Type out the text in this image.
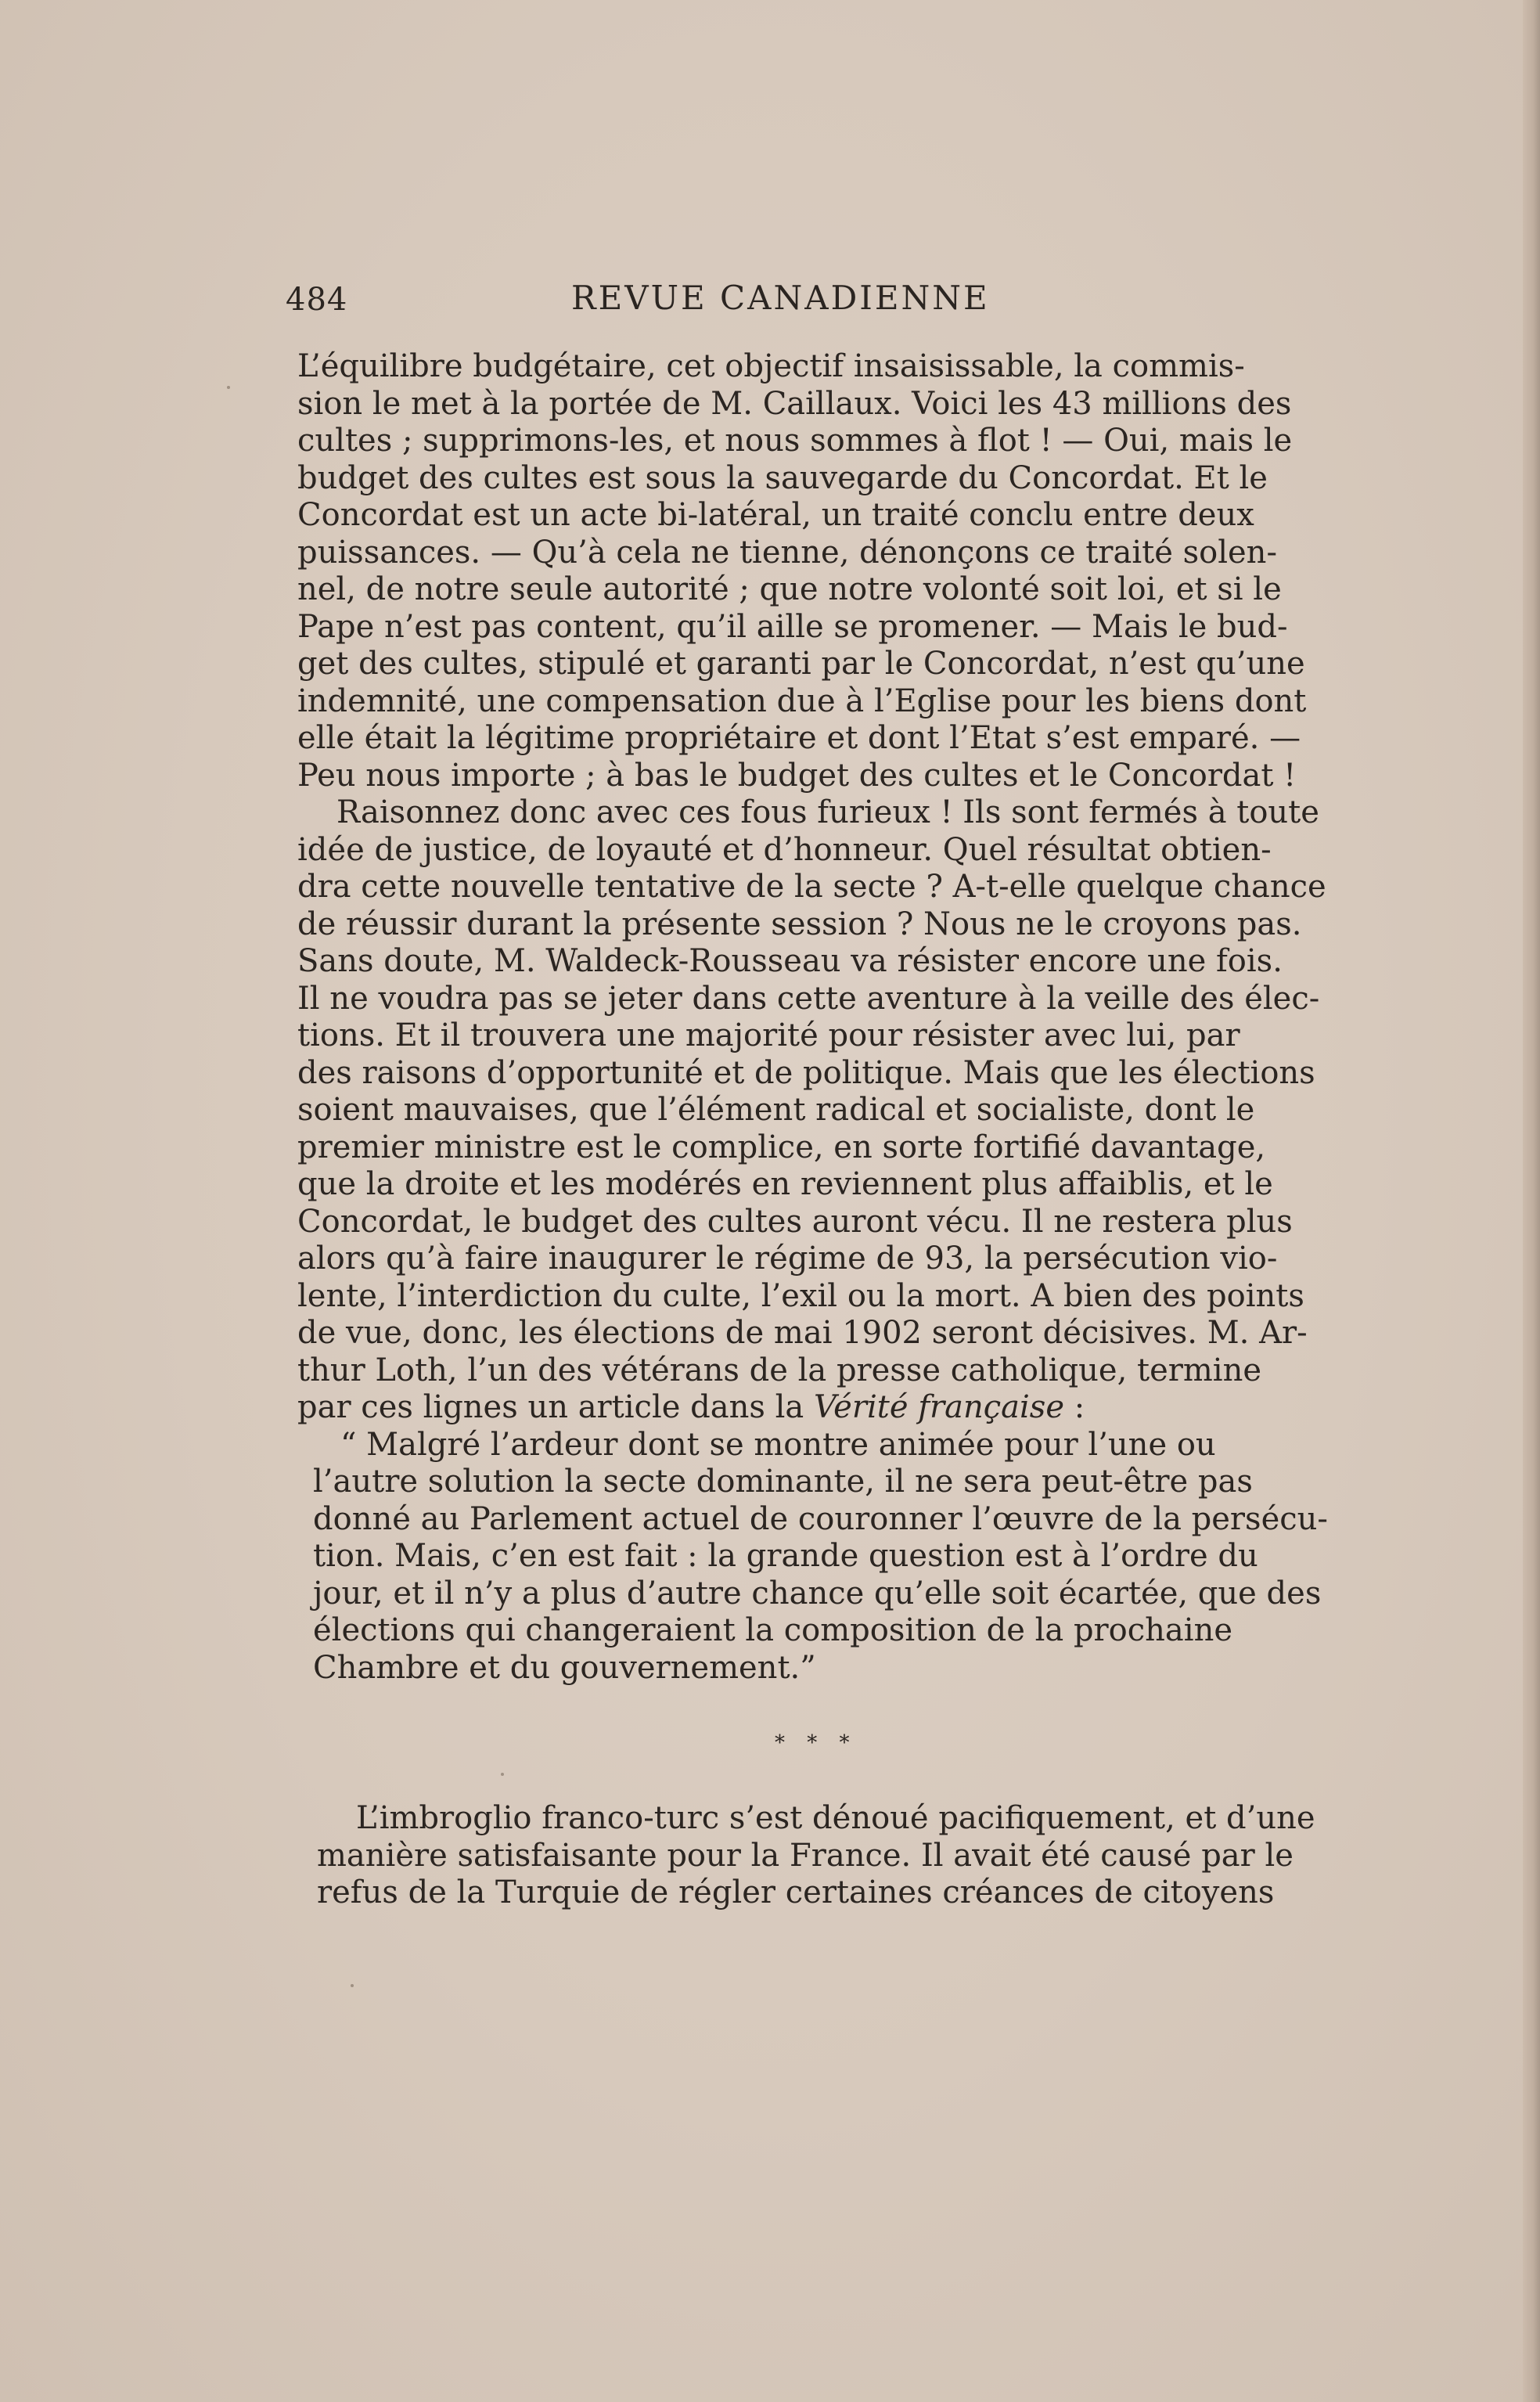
484	REVUE CANADIENNE
L’équilibre budgétaire, cet objectif insaisissable, la commis-
sion le met à la portée de M. Caillaux. Voici les 43 millions des
cultes ; supprimons-les, et nous sommes à flot ! — Oui, mais le
budget des cultes est sous la sauvegarde du Concordat. Et le
Concordat est un acte bi-latéral, un traité conclu entre deux
puissances. — Qu’à cela ne tienne, dénonçons ce traité solen-
nel, de notre seule autorité ; que notre volonté soit loi, et si le
Pape n’est pas content, qu’il aille se promener. — Mais le bud-
get des cultes, stipulé et garanti par le Concordat, n’est qu’une
indemnité, une compensation due à l’Eglise pour les biens dont
elle était la légitime propriétaire et dont l’Etat s’est emparé. —
Peu nous importe ; à bas le budget des cultes et le Concordat !
Raisonnez donc avec ces fous furieux ! Ils sont fermés à toute
idée de justice, de loyauté et d’honneur. Quel résultat obtien-
dra cette nouvelle tentative de la secte ? A-t-elle quelque chance
de réussir durant la présente session ? Nous ne le croyons pas.
Sans doute, M. Waldeck-Rousseau va résister encore une fois.
Il ne voudra pas se jeter dans cette aventure à la veille des élec-
tions. Et il trouvera une majorité pour résister avec lui, par
des raisons d’opportunité et de politique. Mais que les élections
soient mauvaises, que l’élément radical et socialiste, dont le
premier ministre est le complice, en sorte fortifié davantage,
que la droite et les modérés en reviennent plus affaiblis, et le
Concordat, le budget des cultes auront vécu. Il ne restera plus
alors qu’à faire inaugurer le régime de 93, la persécution vio-
lente, l’interdiction du culte, l’exil ou la mort. A bien des points
de vue, donc, les élections de mai 1902 seront décisives. M. Ar-
thur Loth, l’un des vétérans de la presse catholique, termine
par ces lignes un article dans la Vérité française :
“ Malgré l’ardeur dont se montre animée pour l’une ou
l’autre solution la secte dominante, il ne sera peut-être pas
donné au Parlement actuel de couronner l’œuvre de la persécu-
tion. Mais, c’en est fait : la grande question est à l’ordre du
jour, et il n’y a plus d’autre chance qu’elle soit écartée, que des
élections qui changeraient la composition de la prochaine
Chambre et du gouvernement.”
* * *
L’imbroglio franco-turc s’est dénoué pacifiquement, et d’une
manière satisfaisante pour la France. Il avait été causé par le
refus de la Turquie de régler certaines créances de citoyens
